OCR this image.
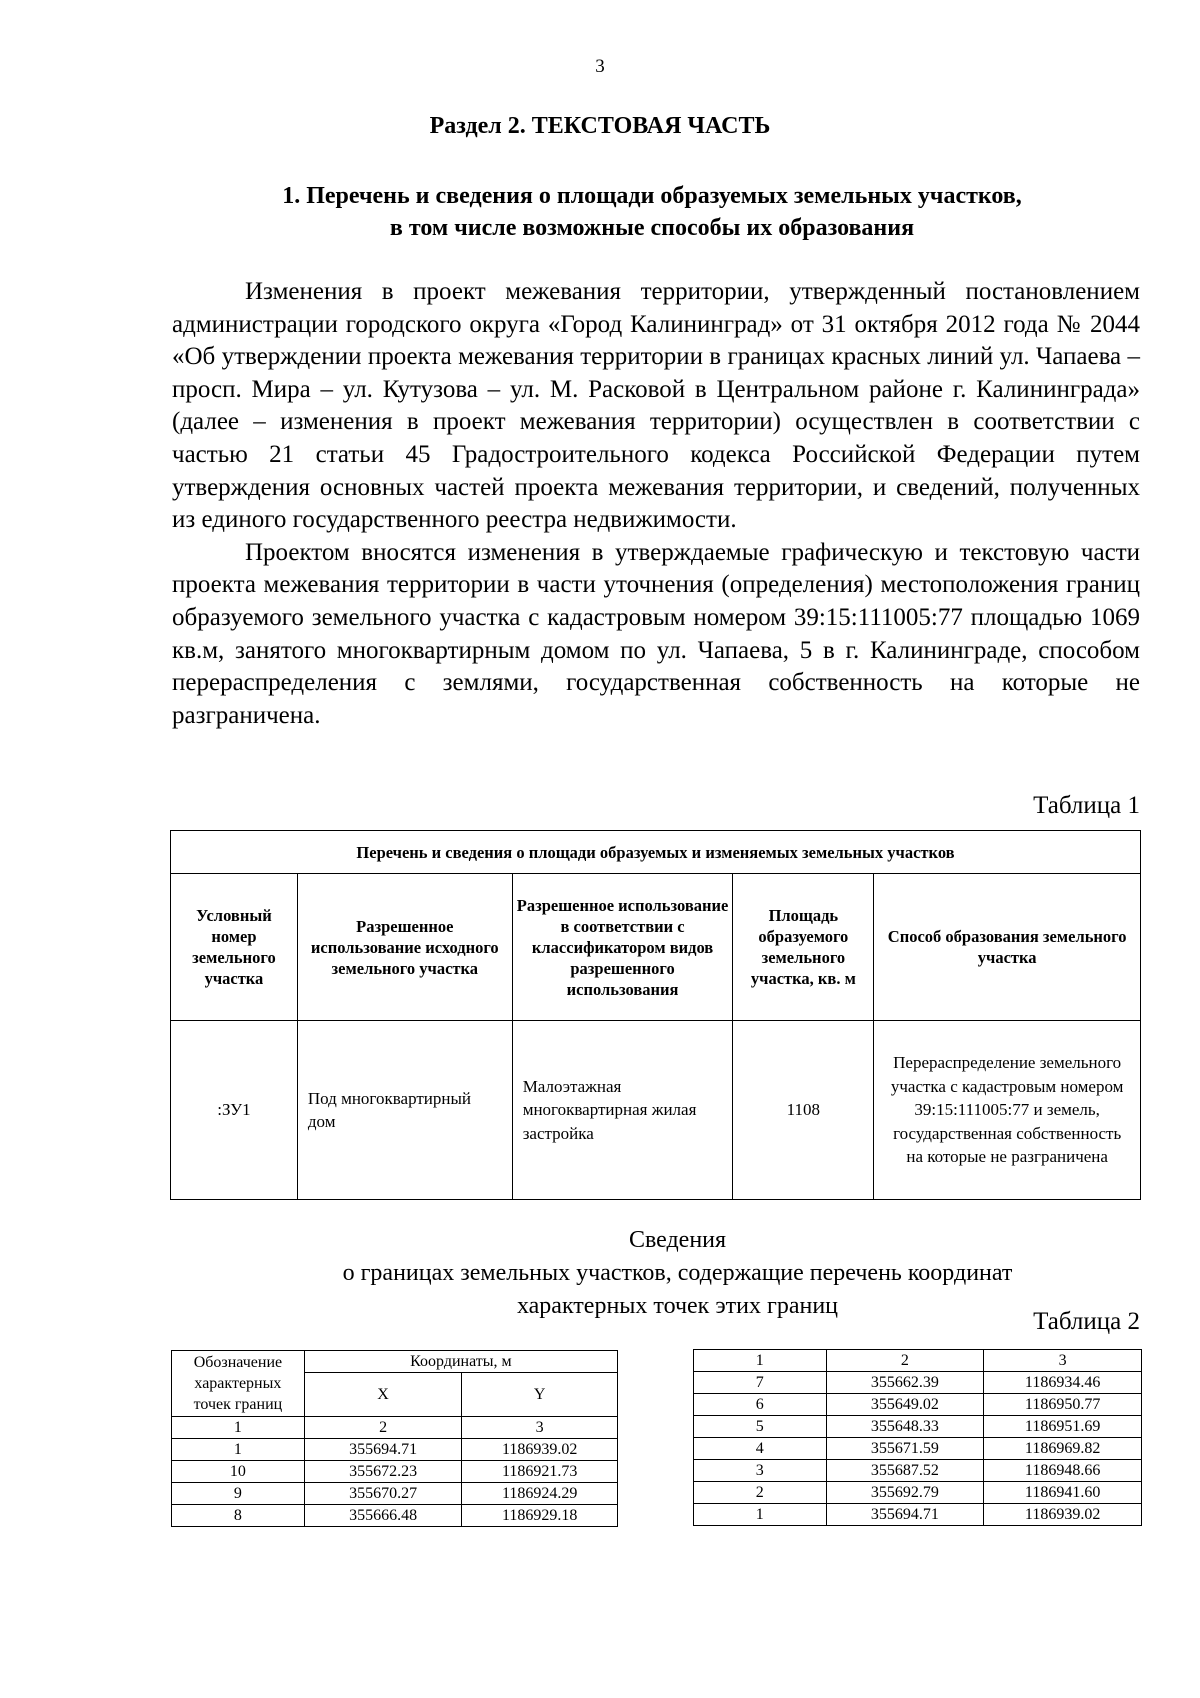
3
Раздел 2. ТЕКСТОВАЯ ЧАСТЬ
1. Перечень и сведения о площади образуемых земельных участков,
в том числе возможные способы их образования

Изменения в проект межевания территории, утвержденный постановлением администрации городского округа «Город Калининград» от 31 октября 2012 года № 2044 «Об утверждении проекта межевания территории в границах красных линий ул. Чапаева – просп. Мира – ул. Кутузова – ул. М. Расковой в Центральном районе г. Калининграда» (далее – изменения в проект межевания территории) осуществлен в соответствии с частью 21 статьи 45 Градостроительного кодекса Российской Федерации путем утверждения основных частей проекта межевания территории, и сведений, полученных из единого государственного реестра недвижимости.

Проектом вносятся изменения в утверждаемые графическую и текстовую части проекта межевания территории в части уточнения (определения) местоположения границ образуемого земельного участка с кадастровым номером 39:15:111005:77 площадью 1069 кв.м, занятого многоквартирным домом по ул. Чапаева, 5 в г. Калининграде, способом перераспределения с землями, государственная собственность на которые не разграничена.

Таблица 1
Перечень и сведения о площади образуемых и изменяемых земельных участков				
Условный номер земельного участка	Разрешенное использование исходного земельного участка	Разрешенное использование в соответствии с классификатором видов разрешенного использования	Площадь образуемого земельного участка, кв. м	Способ образования земельного участка
:ЗУ1	Под многоквартирный дом	Малоэтажная многоквартирная жилая застройка	1108	Перераспределение земельного участка с кадастровым номером 39:15:111005:77 и земель, государственная собственность на которые не разграничена
Сведения
о границах земельных участков, содержащие перечень координат
характерных точек этих границ
Таблица 2
Обозначение характерных точек границ	Координаты, м	
	X	Y
1	2	3
1	355694.71	1186939.02
10	355672.23	1186921.73
9	355670.27	1186924.29
8	355666.48	1186929.18
1	2	3
7	355662.39	1186934.46
6	355649.02	1186950.77
5	355648.33	1186951.69
4	355671.59	1186969.82
3	355687.52	1186948.66
2	355692.79	1186941.60
1	355694.71	1186939.02
